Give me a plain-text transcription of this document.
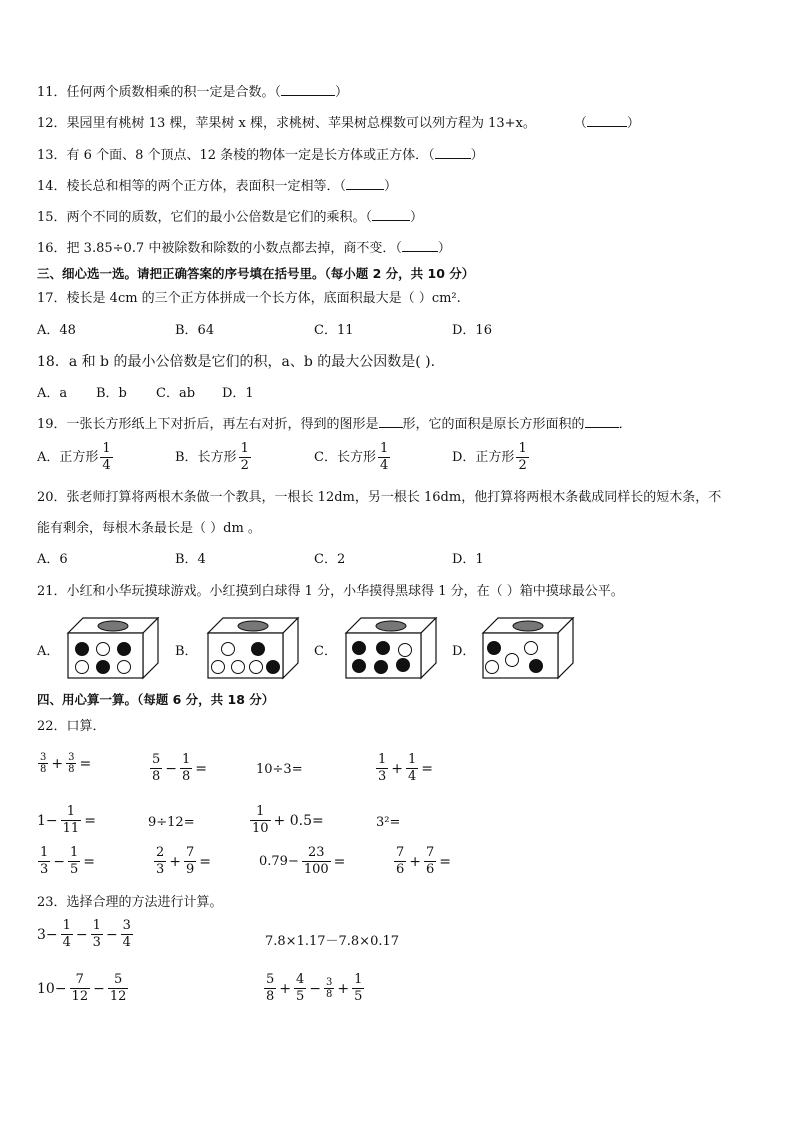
11．任何两个质数相乘的积一定是合数。（	）
12．果园里有桃树 13 棵，苹果树 x 棵，求桃树、苹果树总棵数可以列方程为 13+x。	（	）
13．有 6 个面、8 个顶点、12 条棱的物体一定是长方体或正方体．（	）
14．棱长总和相等的两个正方体，表面积一定相等．（	）
15．两个不同的质数，它们的最小公倍数是它们的乘积。（	）
16．把 3.85÷0.7 中被除数和除数的小数点都去掉，商不变．（	）
三、细心选一选。请把正确答案的序号填在括号里。（每小题 2 分，共 10 分）
17．棱长是 4cm 的三个正方体拼成一个长方体，底面积最大是（ ）cm².
A．48	B．64	C．11	D．16
18．a 和 b 的最小公倍数是它们的积，a、b 的最大公因数是( ).
A．a B．b C．ab D．1
19．一张长方形纸上下对折后，再左右对折，得到的图形是 形，它的面积是原长方形面积的	．
A．正方形 $\frac{1}{4}$	B．长方形 $\frac{1}{2}$	C．长方形 $\frac{1}{4}$	D．正方形 $\frac{1}{2}$
20．张老师打算将两根木条做一个教具，一根长 12dm，另一根长 16dm，他打算将两根木条截成同样长的短木条，不
能有剩余，每根木条最长是（ ）dm 。
A．6	B．4	C．2	D．1
21．小红和小华玩摸球游戏。小红摸到白球得 1 分，小华摸得黑球得 1 分，在（ ）箱中摸球最公平。
A．	B．	C．	D．
四、用心算一算。（每题 6 分，共 18 分）
22．口算．
$\frac{3}{8} + \frac{3}{8}$ =	$\frac{5}{8} - \frac{1}{8}$ =	10÷3=	$\frac{1}{3} + \frac{1}{4}$ =
$1- \frac{1}{11}$ =	9÷12=	$\frac{1}{10} + 0.5=$	3²=
$\frac{1}{3} - \frac{1}{5}$ =	$\frac{2}{3} + \frac{7}{9}$ =	$0.79- \frac{23}{100}$ =	$\frac{7}{6} + \frac{7}{6}$ =
23．选择合理的方法进行计算。
$3- \frac{1}{4} - \frac{1}{3} - \frac{3}{4}$	7.8×1.17－7.8×0.17
$10- \frac{7}{12} - \frac{5}{12}$	$\frac{5}{8} + \frac{4}{5} - \frac{3}{8} + \frac{1}{5}$
